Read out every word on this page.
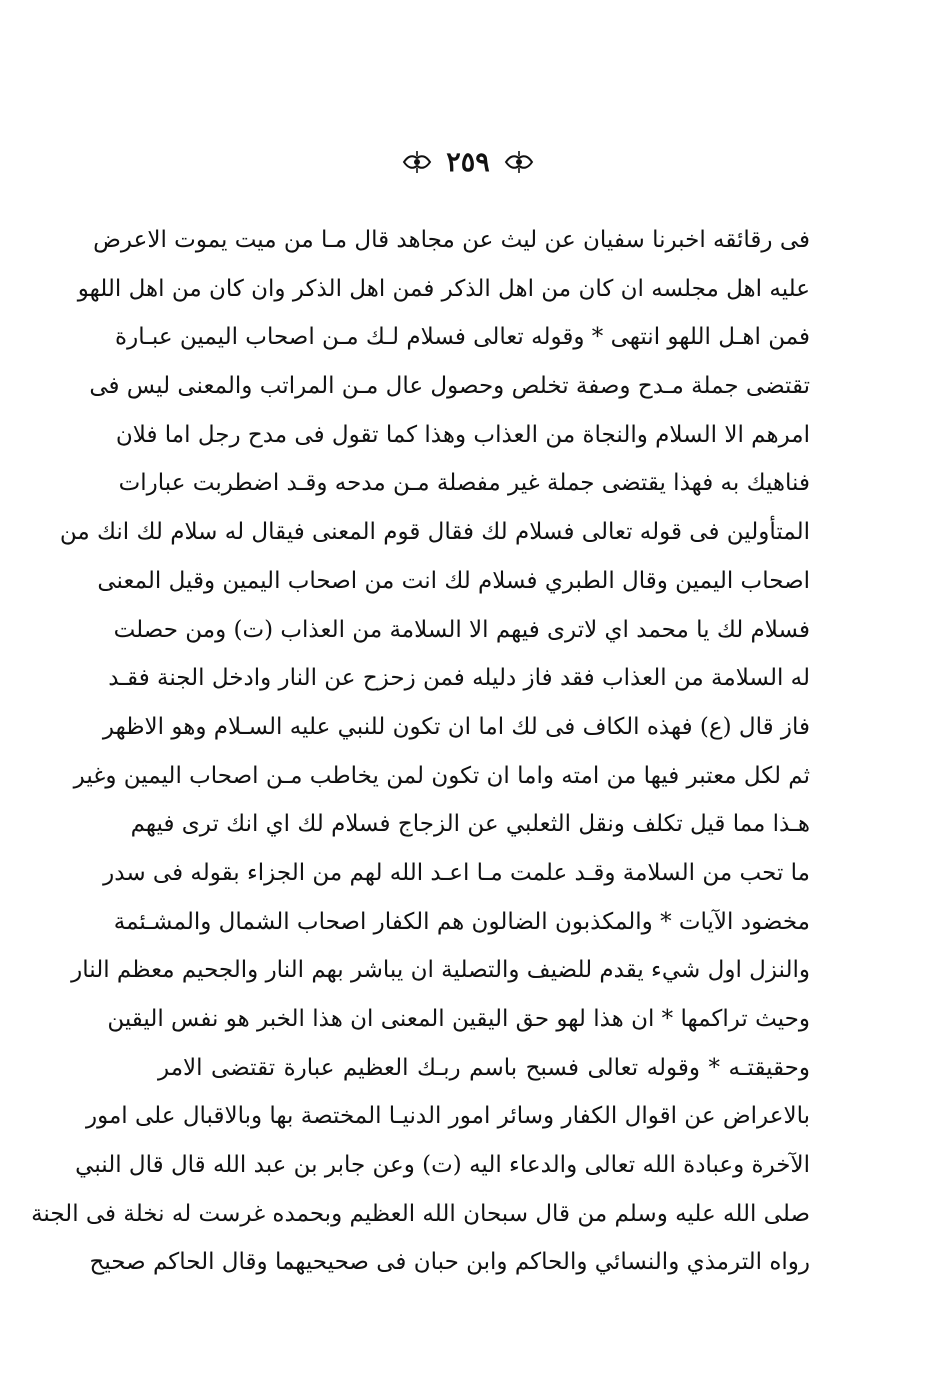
٢٥٩
فى رقائقه اخبرنا سفيان عن ليث عن مجاهد قال مـا من ميت يموت الاعرض
عليه اهل مجلسه ان كان من اهل الذكر فمن اهل الذكر وان كان من اهل اللهو
فمن اهـل اللهو انتهى * وقوله تعالى فسلام لـك مـن اصحاب اليمين عبـارة
تقتضى جملة مـدح وصفة تخلص وحصول عال مـن المراتب والمعنى ليس فى
امرهم الا السلام والنجاة من العذاب وهذا كما تقول فى مدح رجل اما فلان
فناهيك به فهذا يقتضى جملة غير مفصلة مـن مدحه وقـد اضطربت عبارات
المتأولين فى قوله تعالى فسلام لك فقال قوم المعنى فيقال له سلام لك انك من
اصحاب اليمين وقال الطبري فسلام لك انت من اصحاب اليمين وقيل المعنى
فسلام لك يا محمد اي لاترى فيهم الا السلامة من العذاب (ت) ومن حصلت
له السلامة من العذاب فقد فاز دليله فمن زحزح عن النار وادخل الجنة فقـد
فاز قال (ع) فهذه الكاف فى لك اما ان تكون للنبي عليه السـلام وهو الاظهر
ثم لكل معتبر فيها من امته واما ان تكون لمن يخاطب مـن اصحاب اليمين وغير
هـذا مما قيل تكلف ونقل الثعلبي عن الزجاج فسلام لك اي انك ترى فيهم
ما تحب من السلامة وقـد علمت مـا اعـد الله لهم من الجزاء بقوله فى سدر
مخضود الآيات * والمكذبون الضالون هم الكفار اصحاب الشمال والمشـئمة
والنزل اول شيء يقدم للضيف والتصلية ان يباشر بهم النار والجحيم معظم النار
وحيث تراكمها * ان هذا لهو حق اليقين المعنى ان هذا الخبر هو نفس اليقين
وحقيقتـه * وقوله تعالى فسبح باسم ربـك العظيم عبارة تقتضى الامر
بالاعراض عن اقوال الكفار وسائر امور الدنيـا المختصة بها وبالاقبال على امور
الآخرة وعبادة الله تعالى والدعاء اليه (ت) وعن جابر بن عبد الله قال قال النبي
صلى الله عليه وسلم من قال سبحان الله العظيم وبحمده غرست له نخلة فى الجنة
رواه الترمذي والنسائي والحاكم وابن حبان فى صحيحيهما وقال الحاكم صحيح
